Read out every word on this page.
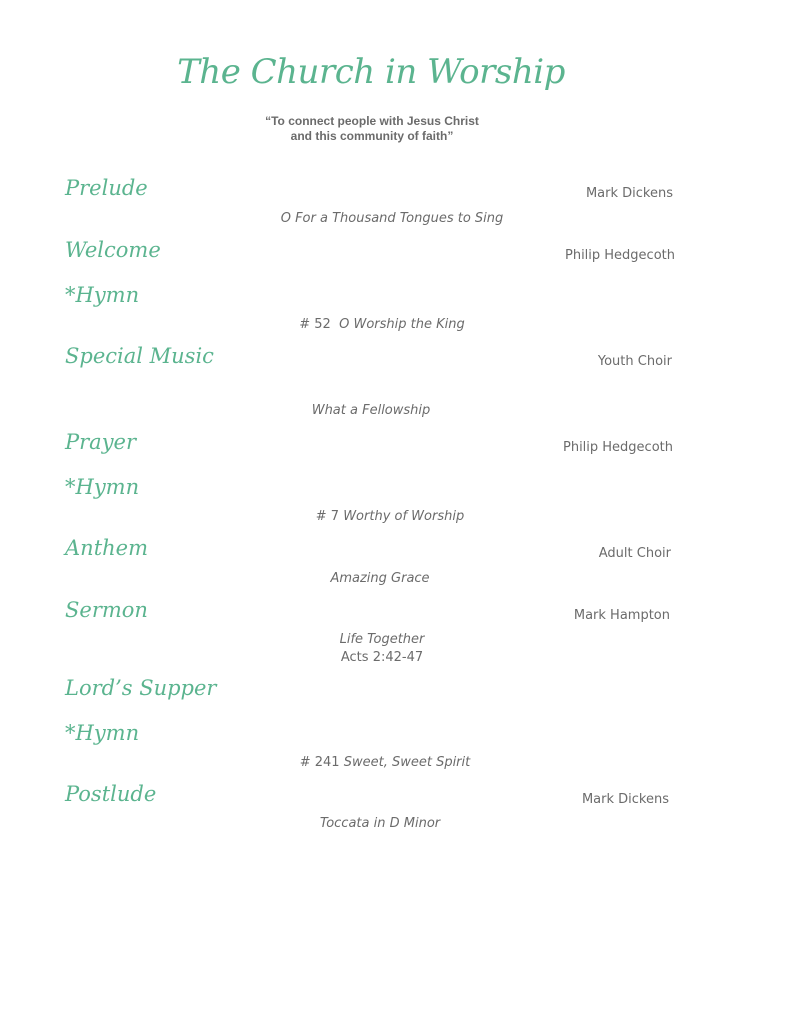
The Church in Worship
“To connect people with Jesus Christ
and this community of faith”
Prelude	Mark Dickens
O For a Thousand Tongues to Sing
Welcome	Philip Hedgecoth
*Hymn
# 52 O Worship the King
Special Music	Youth Choir
What a Fellowship
Prayer	Philip Hedgecoth
*Hymn
# 7 Worthy of Worship
Anthem	Adult Choir
Amazing Grace
Sermon	Mark Hampton
Life Together
Acts 2:42-47
Lord’s Supper
*Hymn
# 241 Sweet, Sweet Spirit
Postlude	Mark Dickens
Toccata in D Minor
